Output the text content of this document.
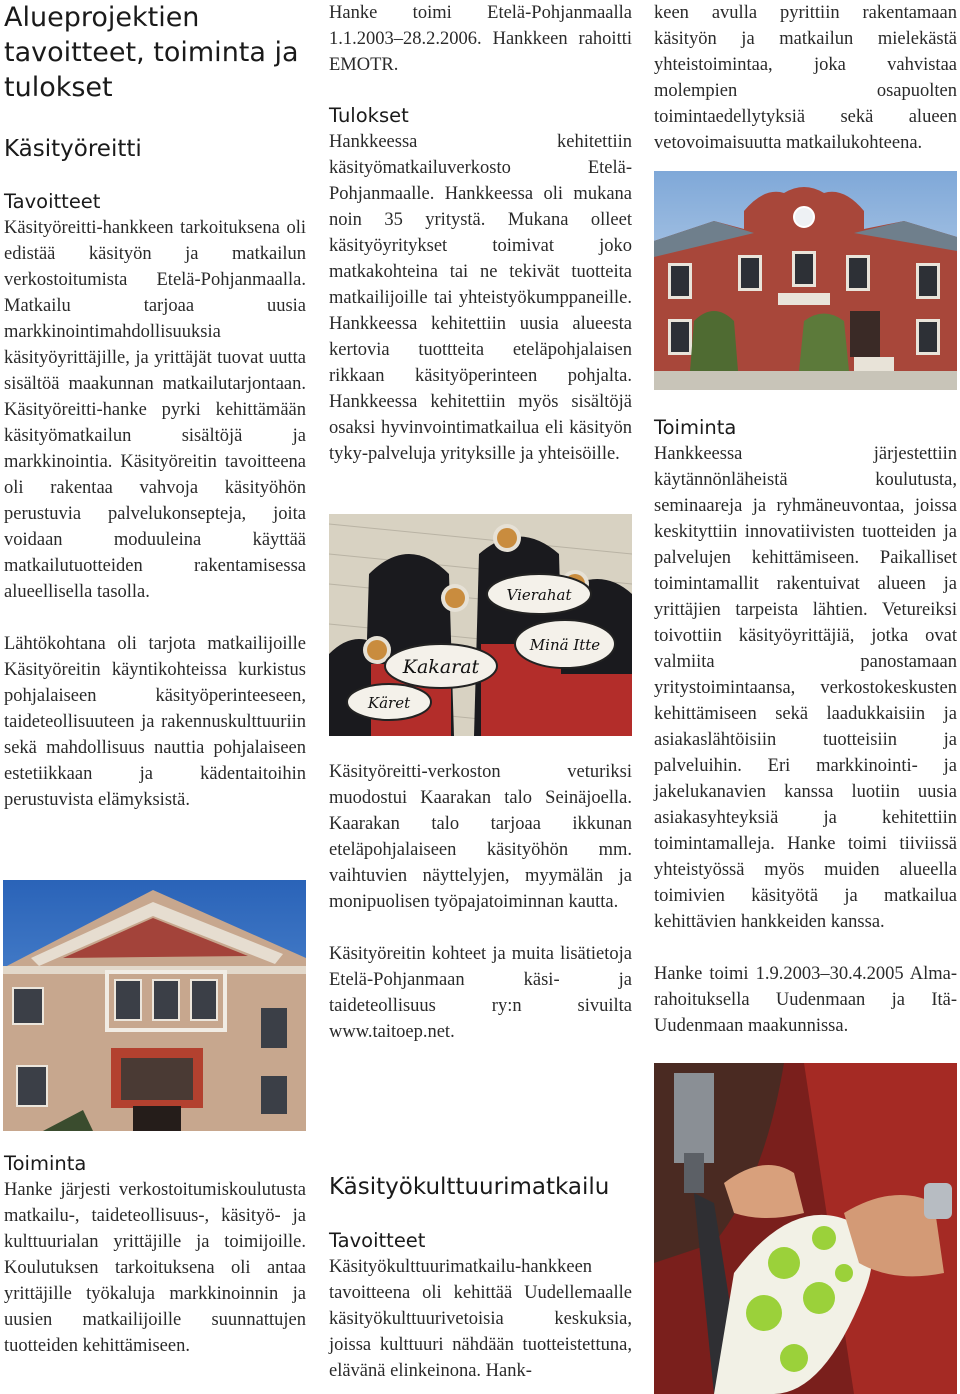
Alueprojektien tavoitteet, toiminta ja tulokset
Käsityöreitti
Tavoitteet

Käsityöreitti-hankkeen tarkoituksena oli edistää käsityön ja matkailun verkostoitumista Etelä-Pohjanmaalla. Matkailu tarjoaa uusia markkinointimahdollisuuksia käsityöyrittäjille, ja yrittäjät tuovat uutta sisältöä maakunnan matkailutarjontaan. Käsityöreitti-hanke pyrki kehittämään käsityömatkailun sisältöjä ja markkinointia. Käsityöreitin tavoitteena oli rakentaa vahvoja käsityöhön perustuvia palvelukonsepteja, joita voidaan moduuleina käyttää matkailutuotteiden rakentamisessa alueellisella tasolla.

Lähtökohtana oli tarjota matkailijoille Käsityöreitin käyntikohteissa kurkistus pohjalaiseen käsityöperinteeseen, taideteollisuuteen ja rakennuskulttuuriin sekä mahdollisuus nauttia pohjalaiseen estetiikkaan ja kädentaitoihin perustuvista elämyksistä.

Toiminta

Hanke järjesti verkostoitumiskoulutusta matkailu-, taideteollisuus-, käsityö- ja kulttuurialan yrittäjille ja toimijoille. Koulutuksen tarkoituksena oli antaa yrittäjille työkaluja markkinoinnin ja uusien matkailijoille suunnattujen tuotteiden kehittämiseen.

Hanke toimi Etelä-Pohjanmaalla 1.1.2003–28.2.2006. Hankkeen rahoitti EMOTR.

Tulokset

Hankkeessa kehitettiin käsityömatkailuverkosto Etelä-Pohjanmaalle. Hankkeessa oli mukana noin 35 yritystä. Mukana olleet käsityöyritykset toimivat joko matkakohteina tai ne tekivät tuotteita matkailijoille tai yhteistyökumppaneille. Hankkeessa kehitettiin uusia alueesta kertovia tuottteita eteläpohjalaisen rikkaan käsityöperinteen pohjalta. Hankkeessa kehitettiin myös sisältöjä osaksi hyvinvointimatkailua eli käsityön tyky-palveluja yrityksille ja yhteisöille.

Kakarat
Vierahat
Minä Itte
Käret

Käsityöreitti-verkoston veturiksi muodostui Kaarakan talo Seinäjoella. Kaarakan talo tarjoaa ikkunan eteläpohjalaiseen käsityöhön mm. vaihtuvien näyttelyjen, myymälän ja monipuolisen työpajatoiminnan kautta.

Käsityöreitin kohteet ja muita lisätietoja Etelä-Pohjanmaan käsi- ja taideteollisuus ry:n sivuilta www.taitoep.net.

Käsityökulttuurimatkailu
Tavoitteet

Käsityökulttuurimatkailu-hankkeen tavoitteena oli kehittää Uudellemaalle käsityökulttuurivetoisia keskuksia, joissa kulttuuri nähdään tuotteistettuna, elävänä elinkeinona. Hank-

keen avulla pyrittiin rakentamaan käsityön ja matkailun mielekästä yhteistoimintaa, joka vahvistaa molempien osapuolten toimintaedellytyksiä sekä alueen vetovoimaisuutta matkailukohteena.

Toiminta

Hankkeessa järjestettiin käytännönläheistä koulutusta, seminaareja ja ryhmäneuvontaa, joissa keskityttiin innovatiivisten tuotteiden ja palvelujen kehittämiseen. Paikalliset toimintamallit rakentuivat alueen ja yrittäjien tarpeista lähtien. Vetureiksi toivottiin käsityöyrittäjiä, jotka ovat valmiita panostamaan yritystoimintaansa, verkostokeskusten kehittämiseen sekä laadukkaisiin ja asiakaslähtöisiin tuotteisiin ja palveluihin. Eri markkinointi- ja jakelukanavien kanssa luotiin uusia asiakasyhteyksiä ja kehitettiin toimintamalleja. Hanke toimi tiiviissä yhteistyössä myös muiden alueella toimivien käsityötä ja matkailua kehittävien hankkeiden kanssa.

Hanke toimi 1.9.2003–30.4.2005 Alma-rahoituksella Uudenmaan ja Itä-Uudenmaan maakunnissa.
